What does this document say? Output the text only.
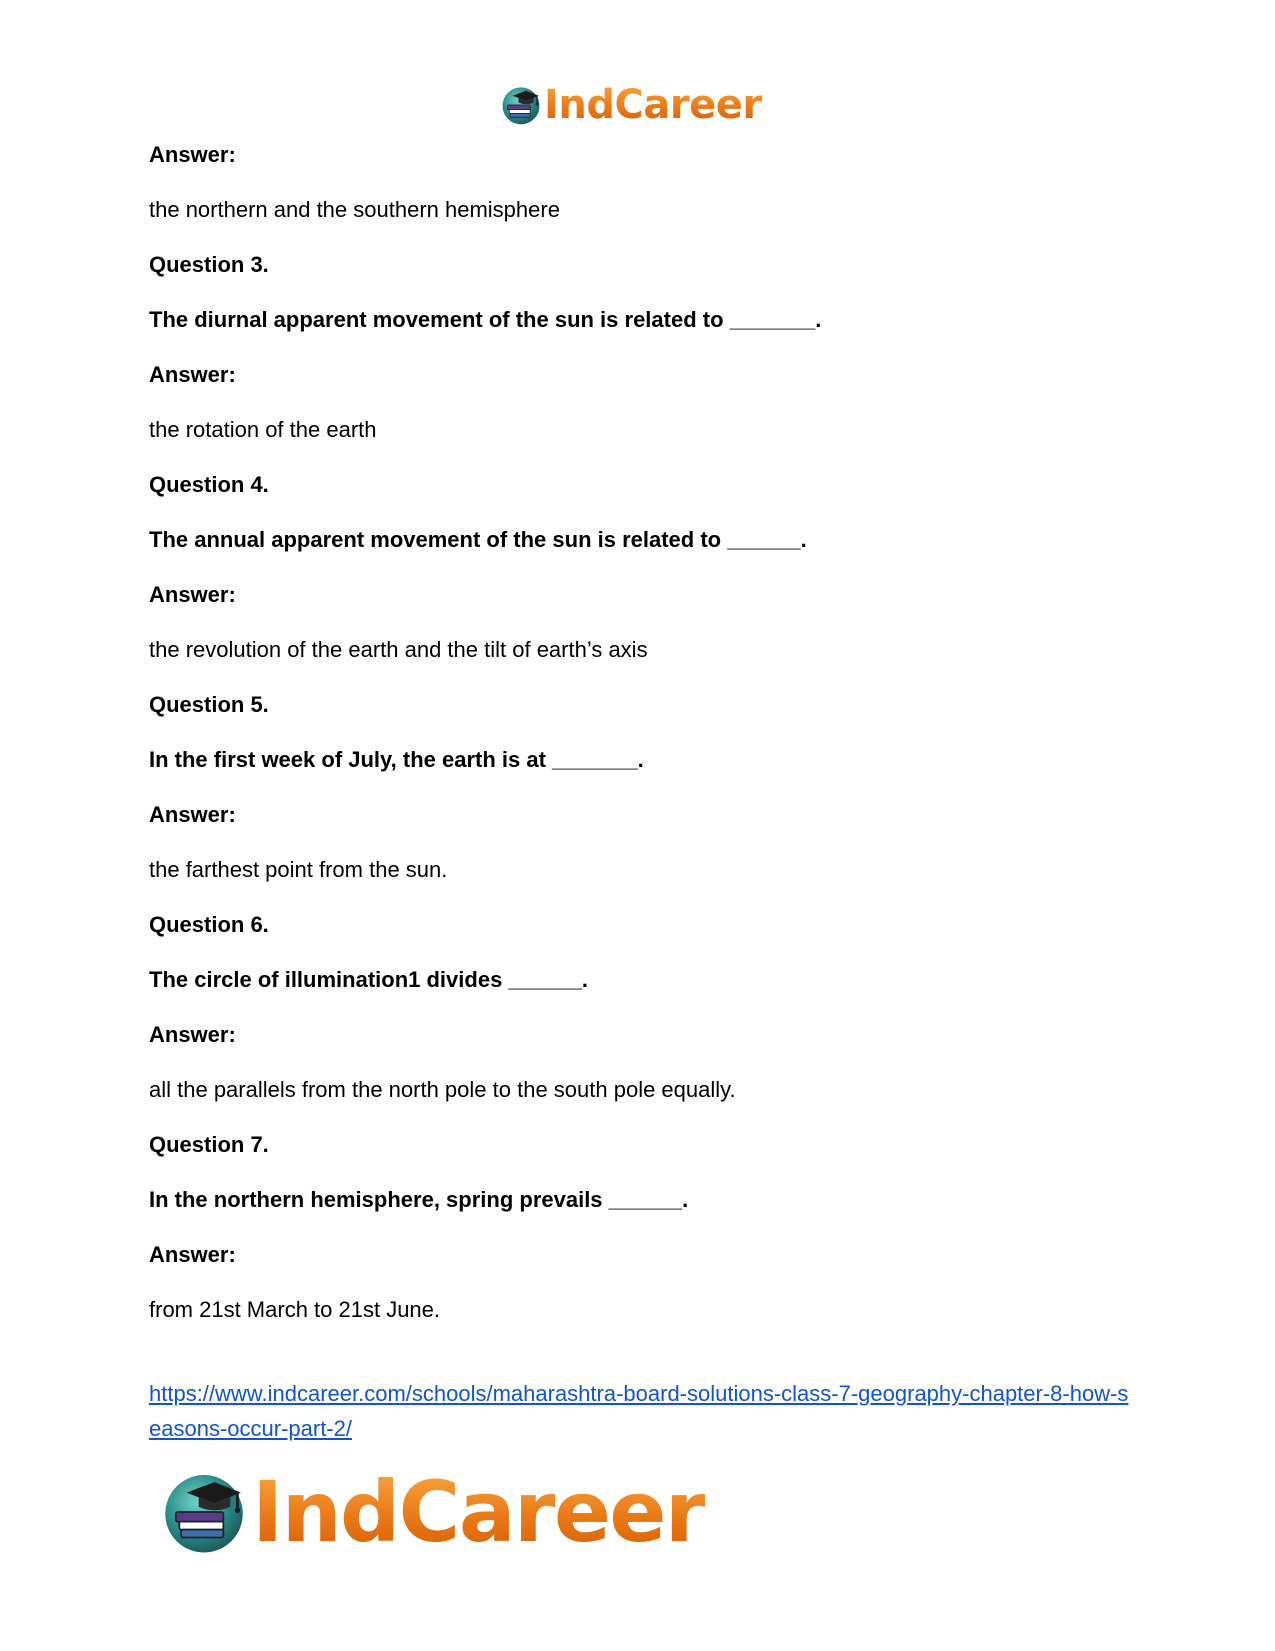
IndCareer
Answer:
the northern and the southern hemisphere
Question 3.
The diurnal apparent movement of the sun is related to _______.
Answer:
the rotation of the earth
Question 4.
The annual apparent movement of the sun is related to ______.
Answer:
the revolution of the earth and the tilt of earth’s axis
Question 5.
In the first week of July, the earth is at _______.
Answer:
the farthest point from the sun.
Question 6.
The circle of illumination1 divides ______.
Answer:
all the parallels from the north pole to the south pole equally.
Question 7.
In the northern hemisphere, spring prevails ______.
Answer:
from 21st March to 21st June.
https://www.indcareer.com/schools/maharashtra-board-solutions-class-7-geography-chapter-8-how-seasons-occur-part-2/
IndCareer
